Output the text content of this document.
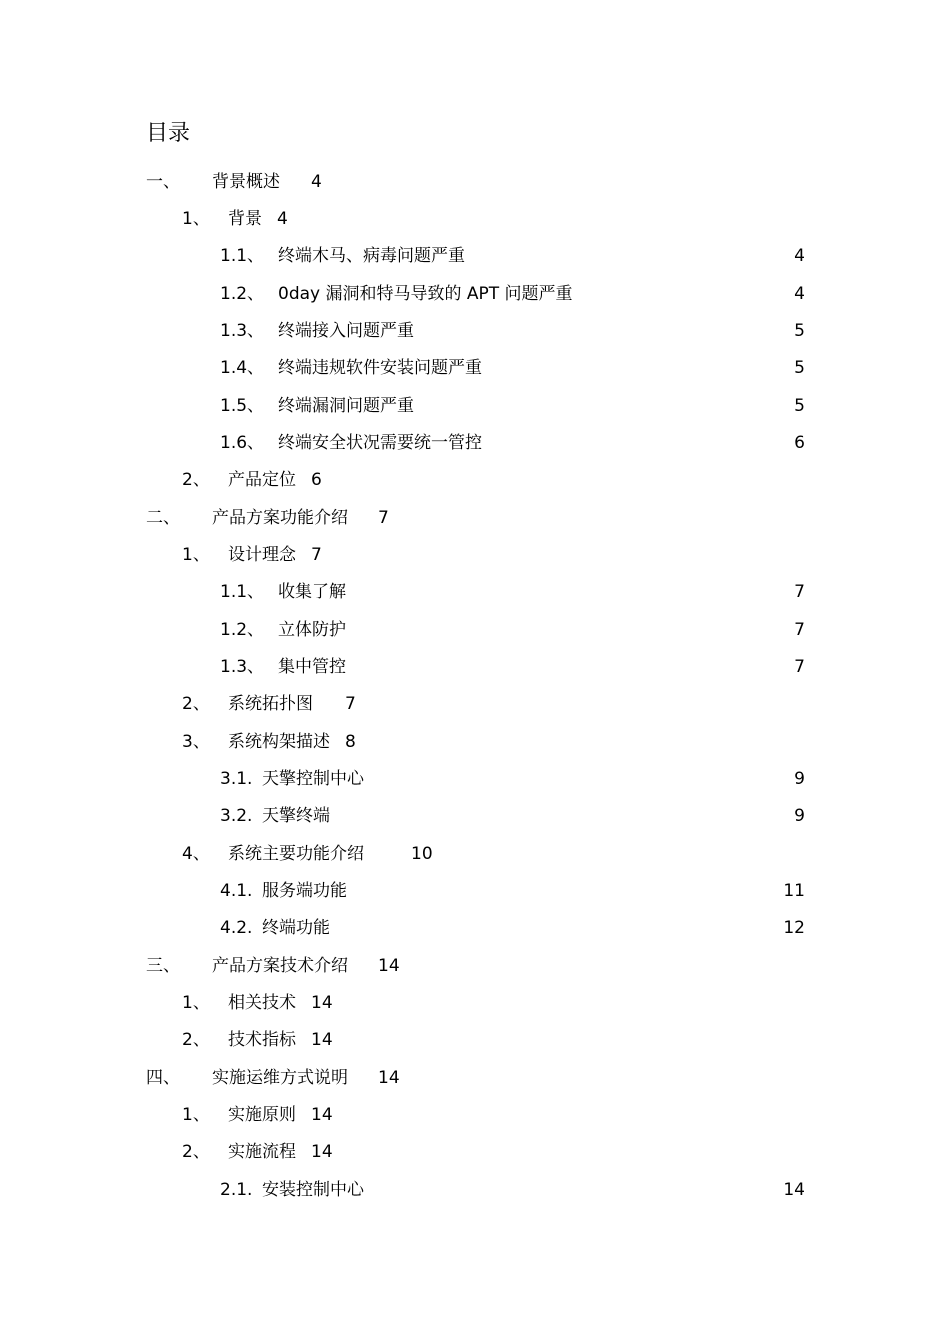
目录
一、 背景概述 4
1、 背景 4
1.1、 终端木马、病毒问题严重	4
1.2、 0day 漏洞和特马导致的 APT 问题严重	4
1.3、 终端接入问题严重	5
1.4、 终端违规软件安装问题严重	5
1.5、 终端漏洞问题严重	5
1.6、 终端安全状况需要统一管控	6
2、 产品定位 6
二、 产品方案功能介绍 7
1、 设计理念 7
1.1、 收集了解	7
1.2、 立体防护	7
1.3、 集中管控	7
2、 系统拓扑图 7
3、 系统构架描述 8
3.1. 天擎控制中心	9
3.2. 天擎终端	9
4、 系统主要功能介绍	10
4.1. 服务端功能	11
4.2. 终端功能	12
三、 产品方案技术介绍 14
1、 相关技术 14
2、 技术指标 14
四、 实施运维方式说明 14
1、 实施原则 14
2、 实施流程 14
2.1. 安装控制中心	14
